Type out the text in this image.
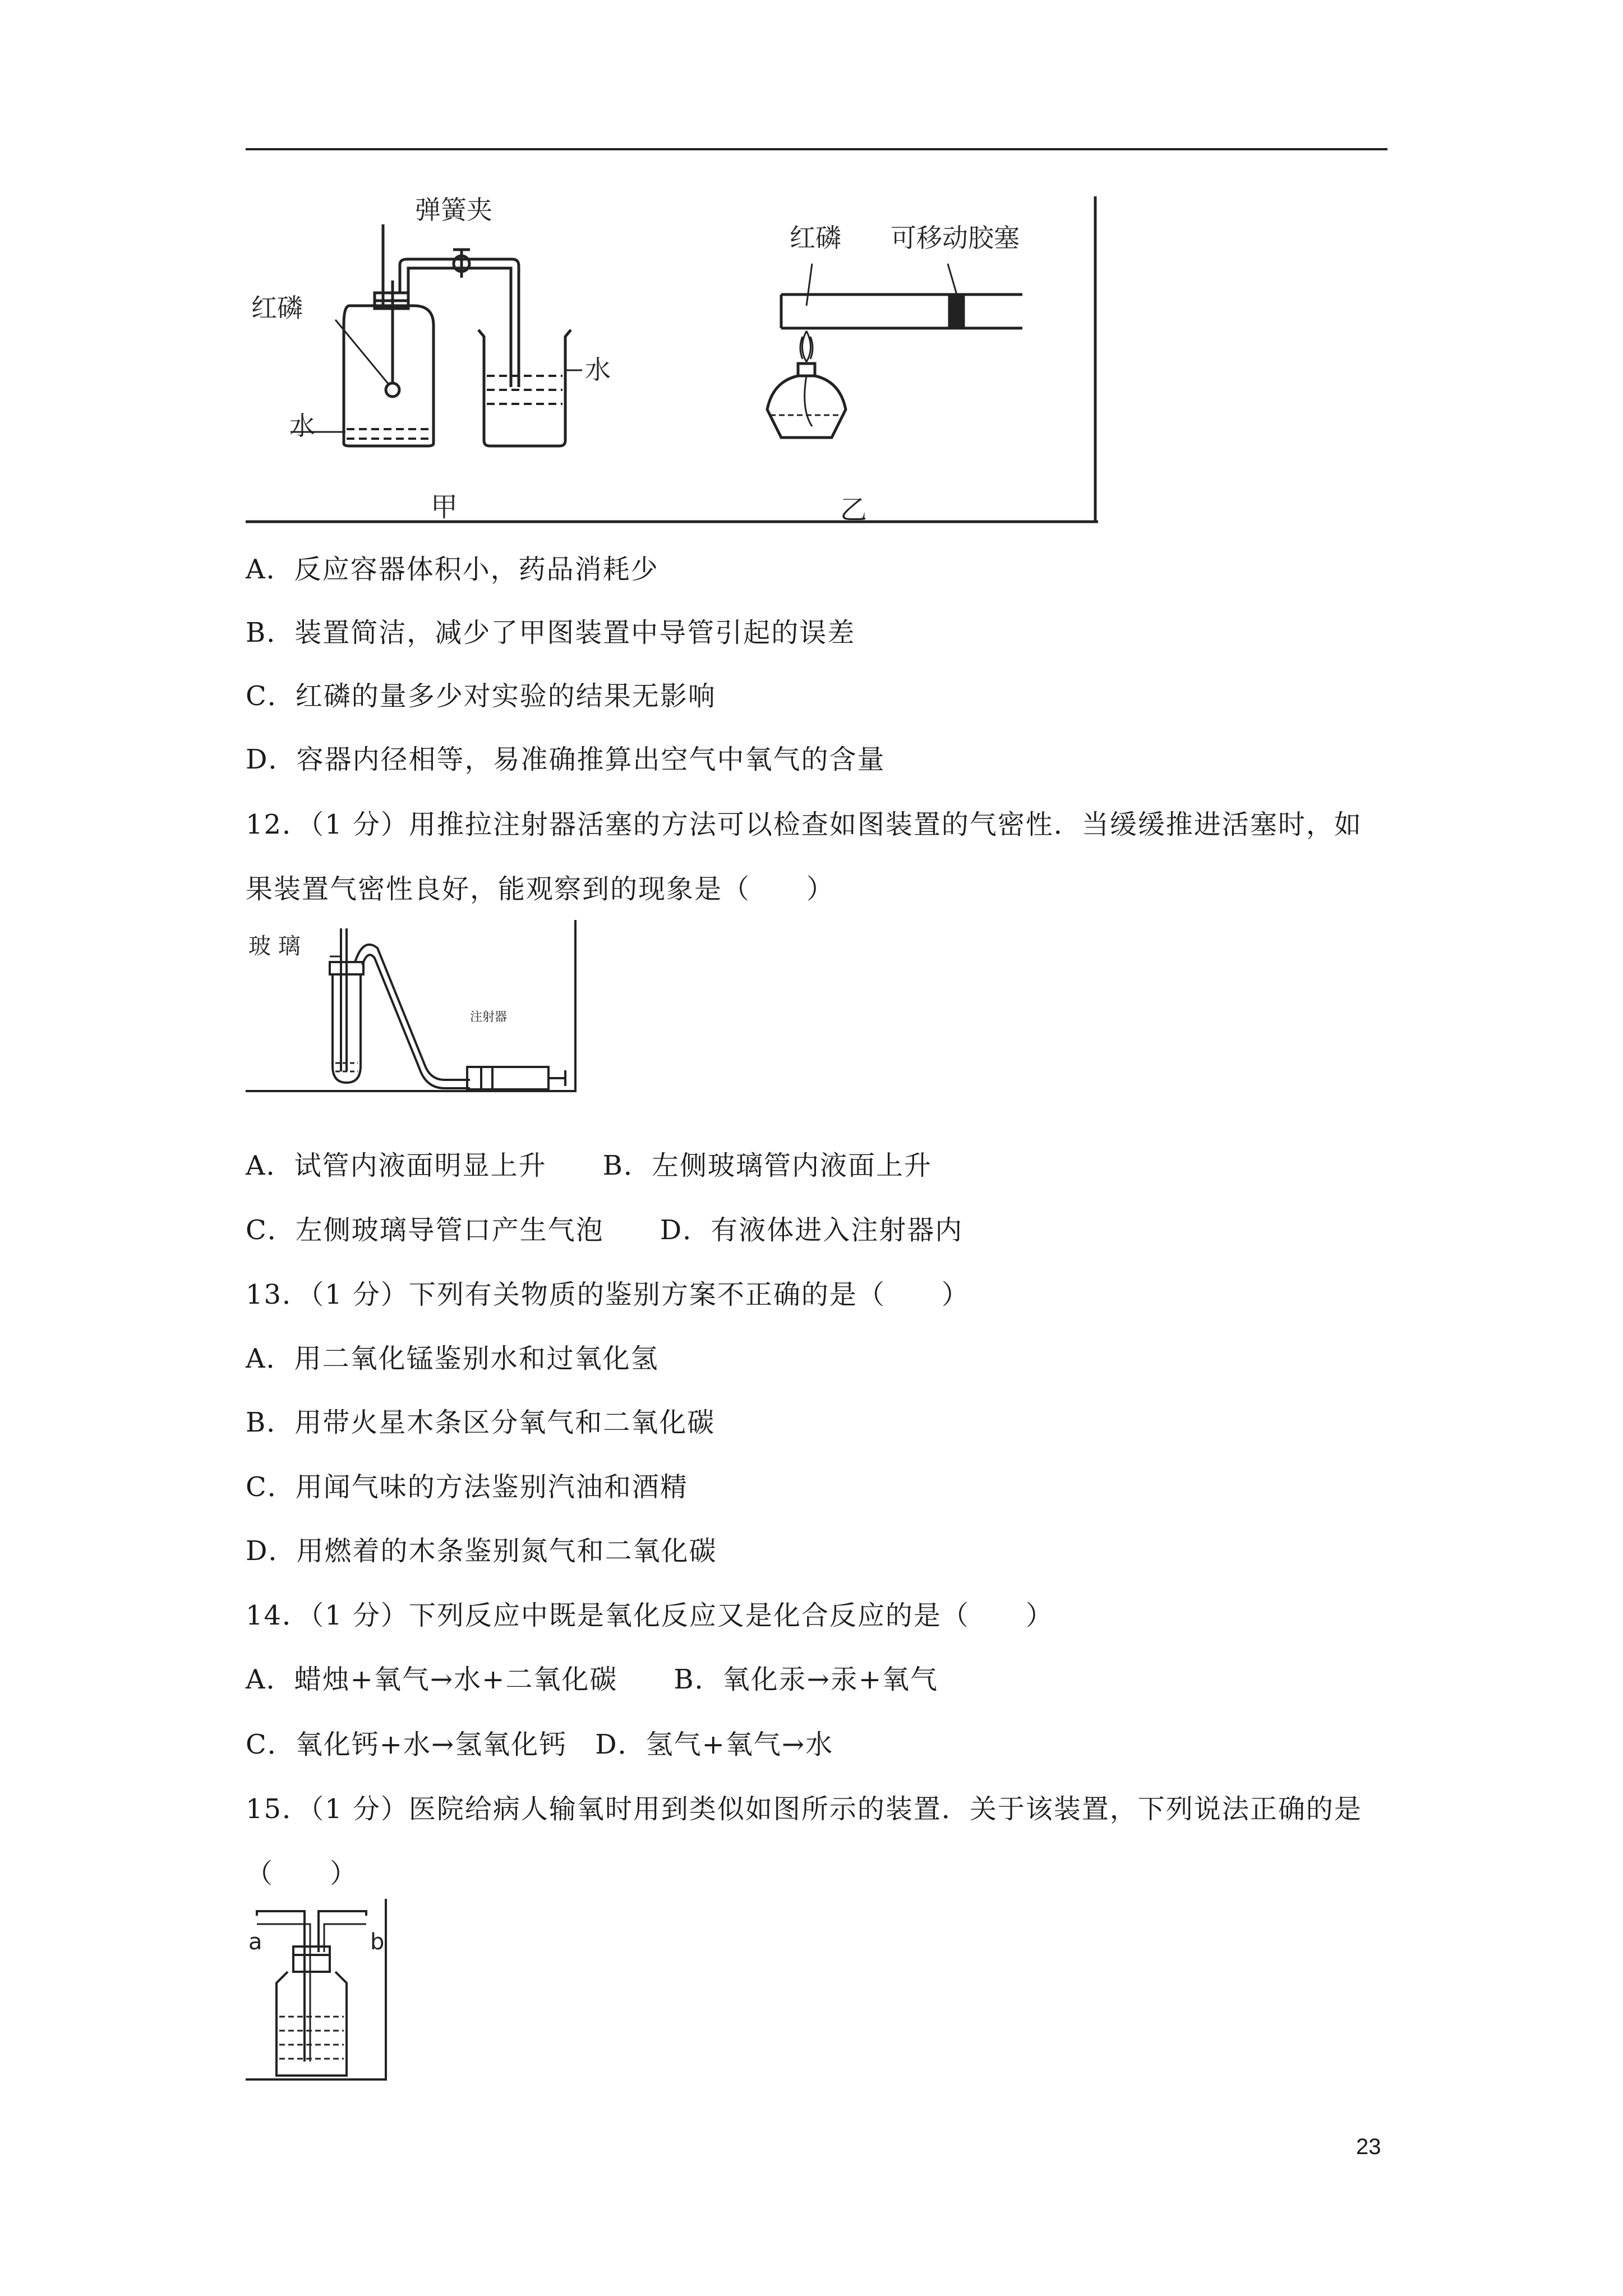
弹簧夹
红磷
水
水
甲
红磷 可移动胶塞
乙
A．反应容器体积小，药品消耗少
B．装置简洁，减少了甲图装置中导管引起的误差
C．红磷的量多少对实验的结果无影响
D．容器内径相等，易准确推算出空气中氧气的含量
12．（1 分）用推拉注射器活塞的方法可以检查如图装置的气密性．当缓缓推进活塞时，如
果装置气密性良好，能观察到的现象是（　　）
玻 璃
注射器
A．试管内液面明显上升　　B．左侧玻璃管内液面上升
C．左侧玻璃导管口产生气泡　　D．有液体进入注射器内
13．（1 分）下列有关物质的鉴别方案不正确的是（　　）
A．用二氧化锰鉴别水和过氧化氢
B．用带火星木条区分氧气和二氧化碳
C．用闻气味的方法鉴别汽油和酒精
D．用燃着的木条鉴别氮气和二氧化碳
14．（1 分）下列反应中既是氧化反应又是化合反应的是（　　）
A．蜡烛+氧气→水+二氧化碳　　B．氧化汞→汞+氧气
C．氧化钙+水→氢氧化钙　D．氢气+氧气→水
15．（1 分）医院给病人输氧时用到类似如图所示的装置．关于该装置，下列说法正确的是
（　　）
a	b
23
